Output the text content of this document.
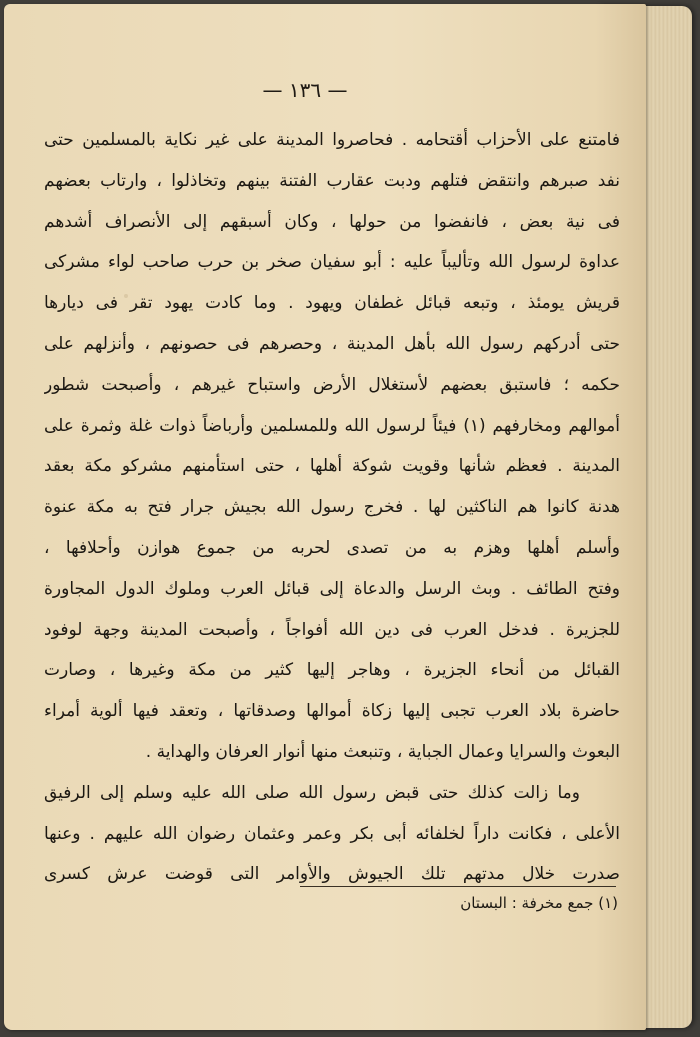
— ١٣٦ —
فامتنع على الأحزاب أقتحامه . فحاصروا المدينة على غير نكاية بالمسلمين حتى
نفد صبرهم وانتقض فتلهم ودبت عقارب الفتنة بينهم وتخاذلوا ، وارتاب بعضهم
فى نية بعض ، فانفضوا من حولها ، وكان أسبقهم إلى الأنصراف أشدهم
عداوة لرسول الله وتأليباً عليه : أبو سفيان صخر بن حرب صاحب لواء مشركى
قريش يومئذ ، وتبعه قبائل غطفان ويهود . وما كادت يهود تقر فى ديارها
حتى أدركهم رسول الله بأهل المدينة ، وحصرهم فى حصونهم ، وأنزلهم على
حكمه ؛ فاستبق بعضهم لأستغلال الأرض واستباح غيرهم ، وأصبحت شطور
أموالهم ومخارفهم (١) فيئاً لرسول الله وللمسلمين وأرباضاً ذوات غلة وثمرة على
المدينة . فعظم شأنها وقويت شوكة أهلها ، حتى استأمنهم مشركو مكة بعقد
هدنة كانوا هم الناكثين لها . فخرج رسول الله بجيش جرار فتح به مكة عنوة
وأسلم أهلها وهزم به من تصدى لحربه من جموع هوازن وأحلافها ،
وفتح الطائف . وبث الرسل والدعاة إلى قبائل العرب وملوك الدول المجاورة
للجزيرة . فدخل العرب فى دين الله أفواجاً ، وأصبحت المدينة وجهة لوفود
القبائل من أنحاء الجزيرة ، وهاجر إليها كثير من مكة وغيرها ، وصارت
حاضرة بلاد العرب تجبى إليها زكاة أموالها وصدقاتها ، وتعقد فيها ألوية أمراء
البعوث والسرايا وعمال الجباية ، وتنبعث منها أنوار العرفان والهداية .
وما زالت كذلك حتى قبض رسول الله صلى الله عليه وسلم إلى الرفيق
الأعلى ، فكانت داراً لخلفائه أبى بكر وعمر وعثمان رضوان الله عليهم . وعنها
صدرت خلال مدتهم تلك الجيوش والأوامر التى قوضت عرش كسرى
(١) جمع مخرفة : البستان
